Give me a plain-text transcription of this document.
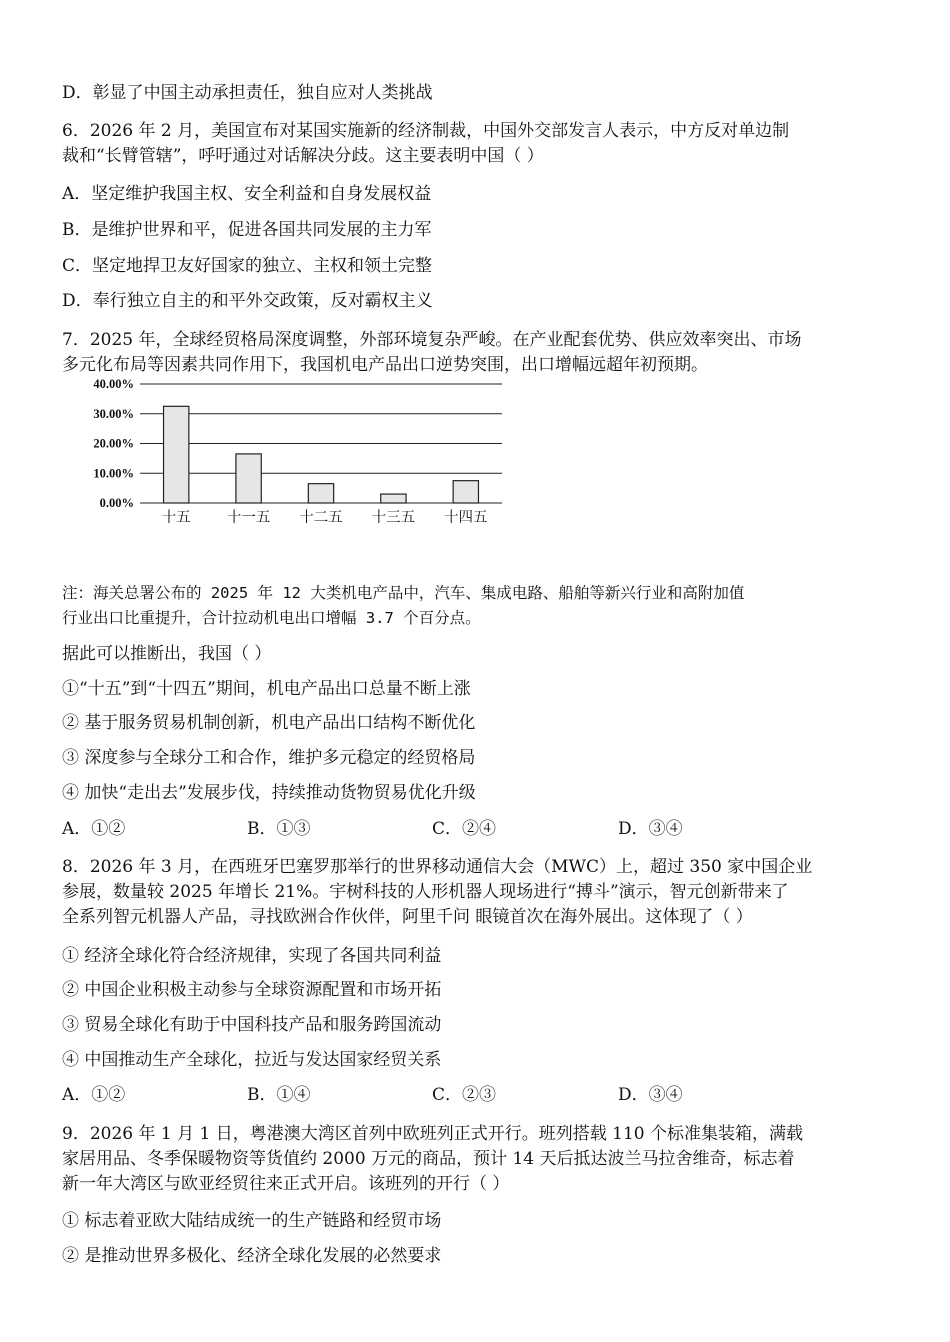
D．彰显了中国主动承担责任，独自应对人类挑战
6．2026 年 2 月，美国宣布对某国实施新的经济制裁，中国外交部发言人表示，中方反对单边制
裁和“长臂管辖”，呼吁通过对话解决分歧。这主要表明中国（ ）
A．坚定维护我国主权、安全利益和自身发展权益
B．是维护世界和平，促进各国共同发展的主力军
C．坚定地捍卫友好国家的独立、主权和领土完整
D．奉行独立自主的和平外交政策，反对霸权主义
7．2025 年，全球经贸格局深度调整，外部环境复杂严峻。在产业配套优势、供应效率突出、市场
多元化布局等因素共同作用下，我国机电产品出口逆势突围，出口增幅远超年初预期。
0.00%
10.00%
20.00%
30.00%
40.00%
十五 十一五 十二五 十三五 十四五
注：海关总署公布的 2025 年 12 大类机电产品中，汽车、集成电路、船舶等新兴行业和高附加值
行业出口比重提升，合计拉动机电出口增幅 3.7 个百分点。
据此可以推断出，我国（ ）
①“十五”到“十四五”期间，机电产品出口总量不断上涨
② 基于服务贸易机制创新，机电产品出口结构不断优化
③ 深度参与全球分工和合作，维护多元稳定的经贸格局
④ 加快“走出去”发展步伐，持续推动货物贸易优化升级
A．①②	B．①③	C．②④	D．③④
8．2026 年 3 月，在西班牙巴塞罗那举行的世界移动通信大会（MWC）上，超过 350 家中国企业
参展，数量较 2025 年增长 21%。宇树科技的人形机器人现场进行“搏斗”演示，智元创新带来了
全系列智元机器人产品，寻找欧洲合作伙伴，阿里千问 眼镜首次在海外展出。这体现了（ ）
① 经济全球化符合经济规律，实现了各国共同利益
② 中国企业积极主动参与全球资源配置和市场开拓
③ 贸易全球化有助于中国科技产品和服务跨国流动
④ 中国推动生产全球化，拉近与发达国家经贸关系
A．①②	B．①④	C．②③	D．③④
9．2026 年 1 月 1 日，粤港澳大湾区首列中欧班列正式开行。班列搭载 110 个标准集装箱，满载
家居用品、冬季保暖物资等货值约 2000 万元的商品，预计 14 天后抵达波兰马拉舍维奇，标志着
新一年大湾区与欧亚经贸往来正式开启。该班列的开行（ ）
① 标志着亚欧大陆结成统一的生产链路和经贸市场
② 是推动世界多极化、经济全球化发展的必然要求
